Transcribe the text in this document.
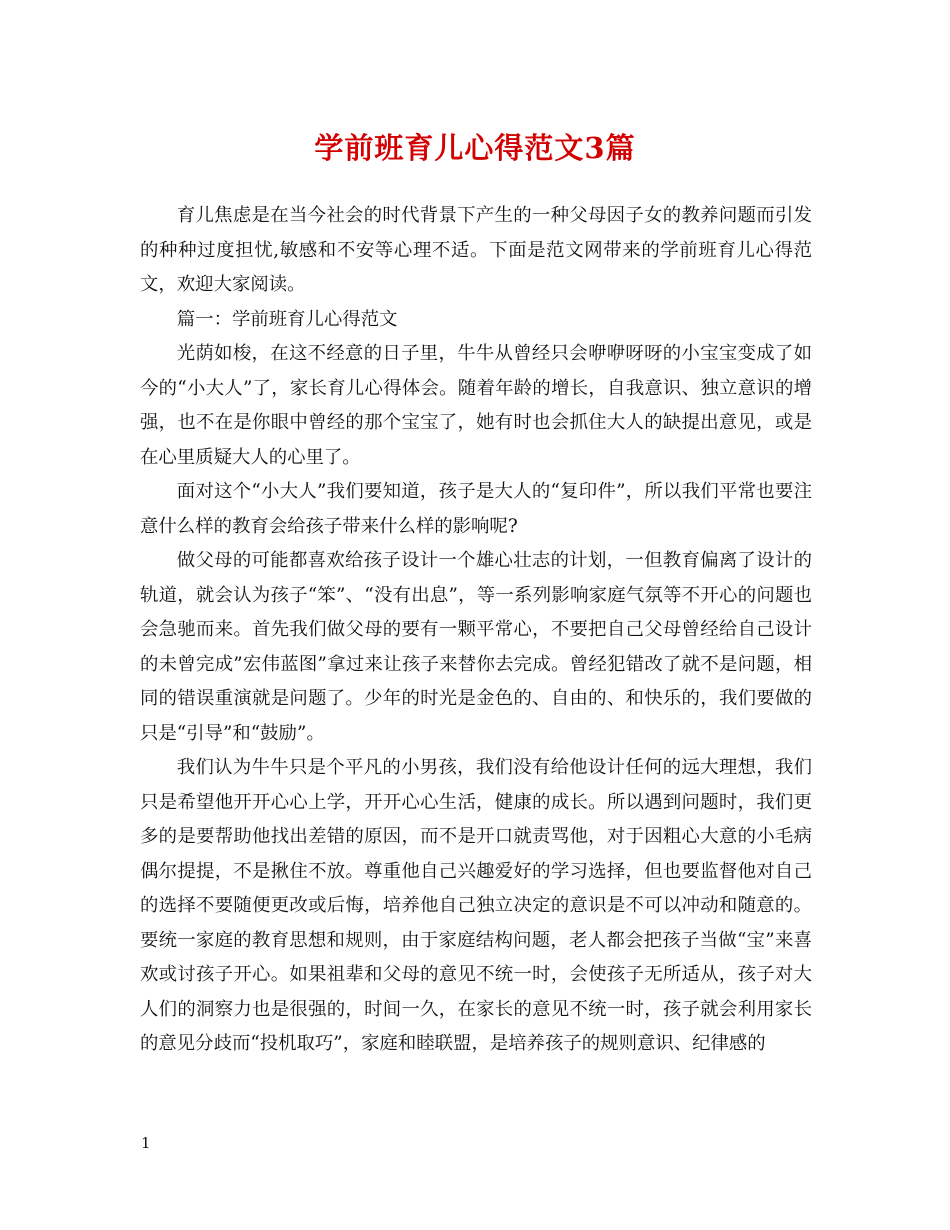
学前班育儿心得范文3篇

育儿焦虑是在当今社会的时代背景下产生的一种父母因子女的教养问题而引发的种种过度担忧,敏感和不安等心理不适。下面是范文网带来的学前班育儿心得范文，欢迎大家阅读。

篇一：学前班育儿心得范文

光荫如梭，在这不经意的日子里，牛牛从曾经只会咿咿呀呀的小宝宝变成了如今的“小大人”了，家长育儿心得体会。随着年龄的增长，自我意识、独立意识的增强，也不在是你眼中曾经的那个宝宝了，她有时也会抓住大人的缺提出意见，或是在心里质疑大人的心里了。

面对这个“小大人”我们要知道，孩子是大人的“复印件”，所以我们平常也要注意什么样的教育会给孩子带来什么样的影响呢?

做父母的可能都喜欢给孩子设计一个雄心壮志的计划，一但教育偏离了设计的轨道，就会认为孩子“笨”、“没有出息”，等一系列影响家庭气氛等不开心的问题也会急驰而来。首先我们做父母的要有一颗平常心，不要把自己父母曾经给自己设计的未曾完成”宏伟蓝图”拿过来让孩子来替你去完成。曾经犯错改了就不是问题，相同的错误重演就是问题了。少年的时光是金色的、自由的、和快乐的，我们要做的只是“引导”和“鼓励”。

我们认为牛牛只是个平凡的小男孩，我们没有给他设计任何的远大理想，我们只是希望他开开心心上学，开开心心生活，健康的成长。所以遇到问题时，我们更多的是要帮助他找出差错的原因，而不是开口就责骂他，对于因粗心大意的小毛病偶尔提提，不是揪住不放。尊重他自己兴趣爱好的学习选择，但也要监督他对自己的选择不要随便更改或后悔，培养他自己独立决定的意识是不可以冲动和随意的。要统一家庭的教育思想和规则，由于家庭结构问题，老人都会把孩子当做“宝”来喜欢或讨孩子开心。如果祖辈和父母的意见不统一时，会使孩子无所适从，孩子对大人们的洞察力也是很强的，时间一久，在家长的意见不统一时，孩子就会利用家长的意见分歧而“投机取巧”，家庭和睦联盟，是培养孩子的规则意识、纪律感的

1
